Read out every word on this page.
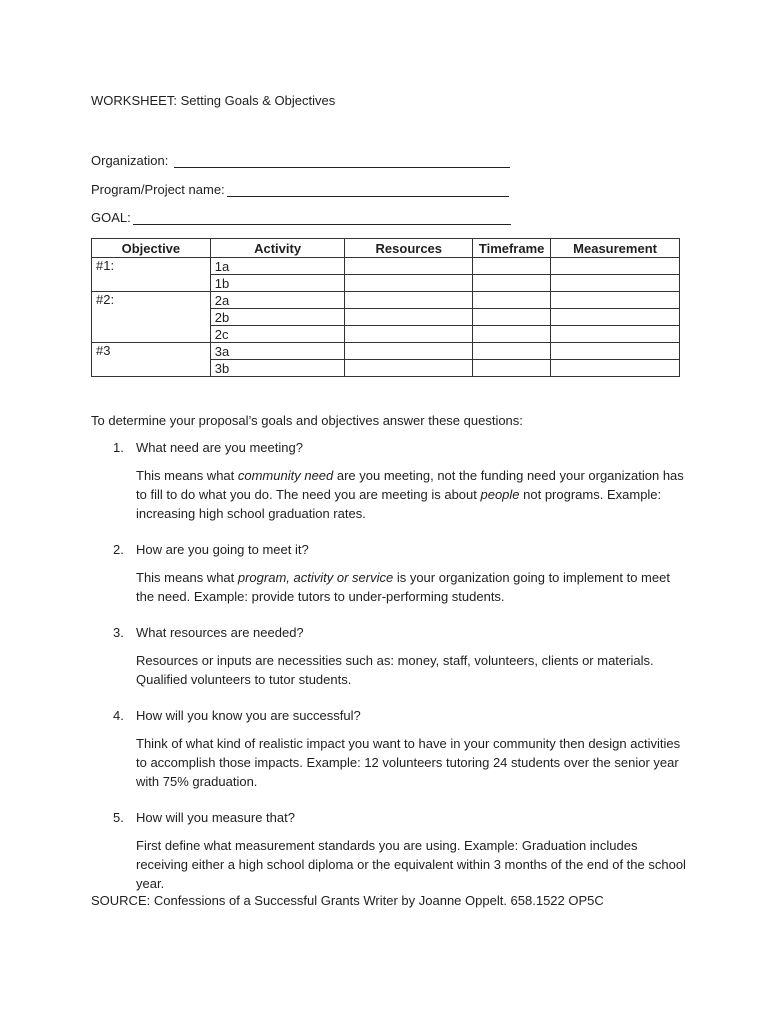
WORKSHEET: Setting Goals & Objectives
Organization:
Program/Project name:
GOAL:
Objective	Activity	Resources	Timeframe	Measurement
#1:	1a			
	1b			
#2:	2a			
	2b			
	2c			
#3	3a			
	3b			
To determine your proposal’s goals and objectives answer these questions:
1. What need are you meeting?
This means what community need are you meeting, not the funding need your organization has to fill to do what you do. The need you are meeting is about people not programs. Example: increasing high school graduation rates.
2. How are you going to meet it?
This means what program, activity or service is your organization going to implement to meet the need. Example: provide tutors to under-performing students.
3. What resources are needed?
Resources or inputs are necessities such as: money, staff, volunteers, clients or materials. Qualified volunteers to tutor students.
4. How will you know you are successful?
Think of what kind of realistic impact you want to have in your community then design activities to accomplish those impacts. Example: 12 volunteers tutoring 24 students over the senior year with 75% graduation.
5. How will you measure that?
First define what measurement standards you are using. Example: Graduation includes receiving either a high school diploma or the equivalent within 3 months of the end of the school year.
SOURCE: Confessions of a Successful Grants Writer by Joanne Oppelt. 658.1522 OP5C
